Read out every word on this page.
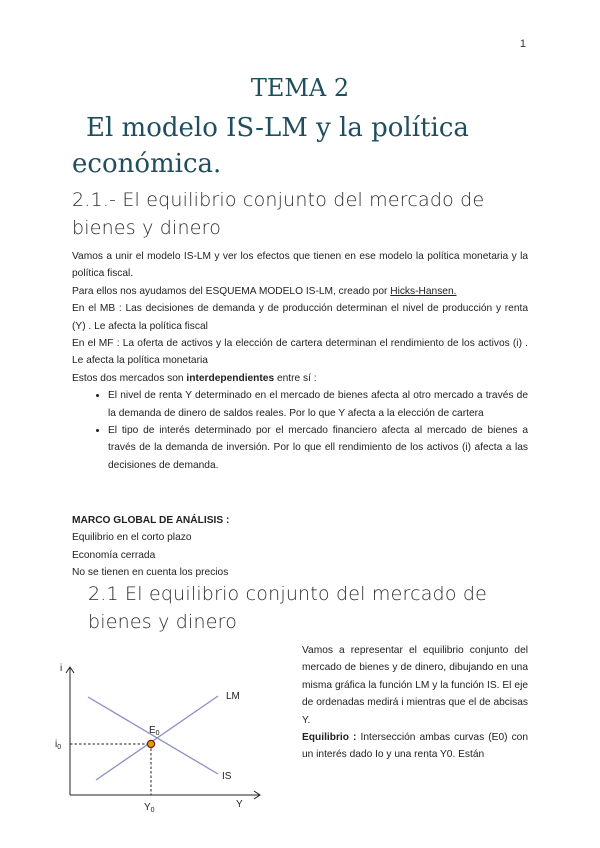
1
TEMA 2
El modelo IS-LM y la política
económica.
2.1.- El equilibrio conjunto del mercado de bienes y dinero

Vamos a unir el modelo IS-LM y ver los efectos que tienen en ese modelo la política monetaria y la política fiscal.

Para ellos nos ayudamos del ESQUEMA MODELO IS-LM, creado por Hicks-Hansen.

En el MB : Las decisiones de demanda y de producción determinan el nivel de producción y renta (Y) . Le afecta la política fiscal

En el MF : La oferta de activos y la elección de cartera determinan el rendimiento de los activos (i) . Le afecta la política monetaria

Estos dos mercados son interdependientes entre sí :

• El nivel de renta Y determinado en el mercado de bienes afecta al otro mercado a través de la demanda de dinero de saldos reales. Por lo que Y afecta a la elección de cartera
• El tipo de interés determinado por el mercado financiero afecta al mercado de bienes a través de la demanda de inversión. Por lo que ell rendimiento de los activos (i) afecta a las decisiones de demanda.

MARCO GLOBAL DE ANÁLISIS :

Equilibrio en el corto plazo

Economía cerrada

No se tienen en cuenta los precios

2.1 El equilibrio conjunto del mercado de bienes y dinero
i
Y
LM
IS
$E_0$
$i_0$
$Y_0$

Vamos a representar el equilibrio conjunto del mercado de bienes y de dinero, dibujando en una misma gráfica la función LM y la función IS. El eje de ordenadas medirá i mientras que el de abcisas Y.

Equilibrio : Intersección ambas curvas (E0) con un interés dado Io y una renta Y0. Están
